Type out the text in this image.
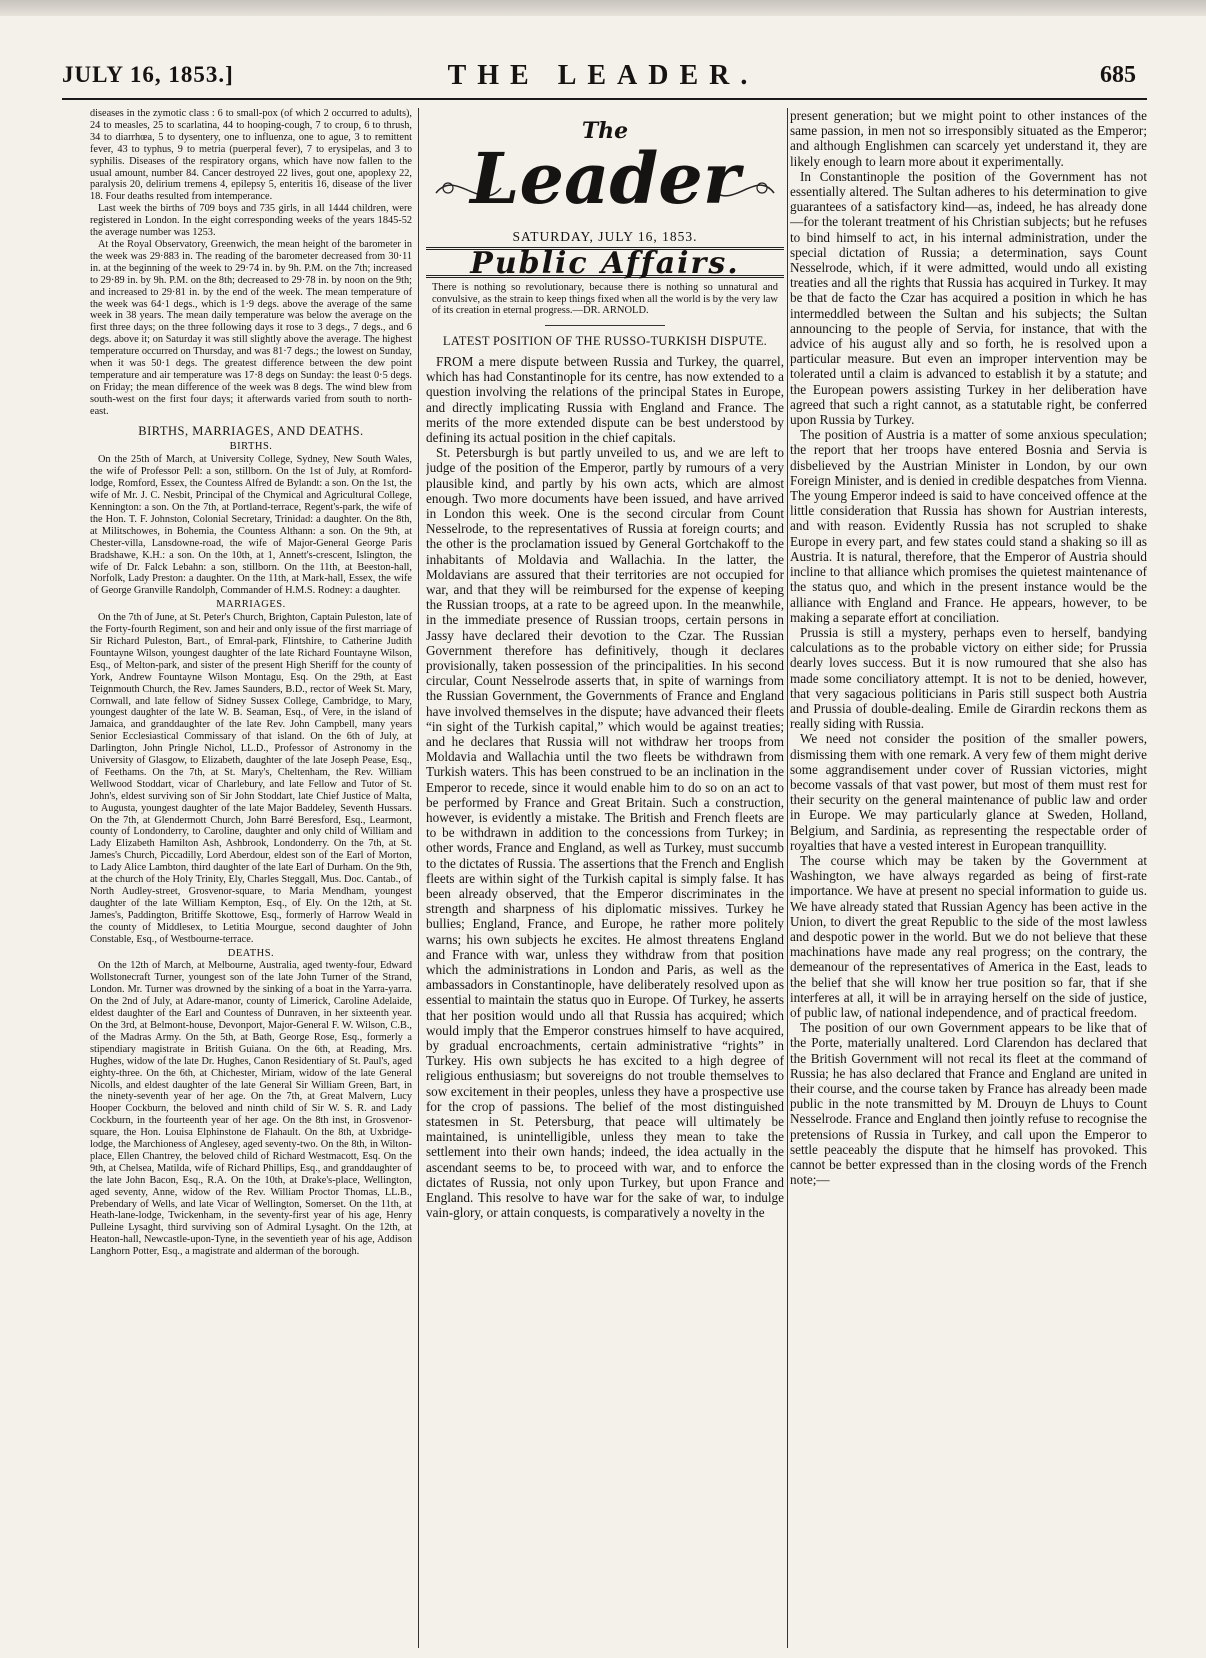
JULY 16, 1853.]	THE LEADER.	685

diseases in the zymotic class : 6 to small-pox (of which 2 occurred to adults), 24 to measles, 25 to scarlatina, 44 to hooping-cough, 7 to croup, 6 to thrush, 34 to diarrhœa, 5 to dysentery, one to influenza, one to ague, 3 to remittent fever, 43 to typhus, 9 to metria (puerperal fever), 7 to erysipelas, and 3 to syphilis. Diseases of the respiratory organs, which have now fallen to the usual amount, number 84. Cancer destroyed 22 lives, gout one, apoplexy 22, paralysis 20, delirium tremens 4, epilepsy 5, enteritis 16, disease of the liver 18. Four deaths resulted from intemperance.

Last week the births of 709 boys and 735 girls, in all 1444 children, were registered in London. In the eight corresponding weeks of the years 1845-52 the average number was 1253.

At the Royal Observatory, Greenwich, the mean height of the barometer in the week was 29·883 in. The reading of the barometer decreased from 30·11 in. at the beginning of the week to 29·74 in. by 9h. P.M. on the 7th; increased to 29·89 in. by 9h. P.M. on the 8th; decreased to 29·78 in. by noon on the 9th; and increased to 29·81 in. by the end of the week. The mean temperature of the week was 64·1 degs., which is 1·9 degs. above the average of the same week in 38 years. The mean daily temperature was below the average on the first three days; on the three following days it rose to 3 degs., 7 degs., and 6 degs. above it; on Saturday it was still slightly above the average. The highest temperature occurred on Thursday, and was 81·7 degs.; the lowest on Sunday, when it was 50·1 degs. The greatest difference between the dew point temperature and air temperature was 17·8 degs on Sunday: the least 0·5 degs. on Friday; the mean difference of the week was 8 degs. The wind blew from south-west on the first four days; it afterwards varied from south to north-east.

BIRTHS, MARRIAGES, AND DEATHS.
BIRTHS.

On the 25th of March, at University College, Sydney, New South Wales, the wife of Professor Pell: a son, stillborn. On the 1st of July, at Romford-lodge, Romford, Essex, the Countess Alfred de Bylandt: a son. On the 1st, the wife of Mr. J. C. Nesbit, Principal of the Chymical and Agricultural College, Kennington: a son. On the 7th, at Portland-terrace, Regent's-park, the wife of the Hon. T. F. Johnston, Colonial Secretary, Trinidad: a daughter. On the 8th, at Militschowes, in Bohemia, the Countess Althann: a son. On the 9th, at Chester-villa, Lansdowne-road, the wife of Major-General George Paris Bradshawe, K.H.: a son. On the 10th, at 1, Annett's-crescent, Islington, the wife of Dr. Falck Lebahn: a son, stillborn. On the 11th, at Beeston-hall, Norfolk, Lady Preston: a daughter. On the 11th, at Mark-hall, Essex, the wife of George Granville Randolph, Commander of H.M.S. Rodney: a daughter.

MARRIAGES.

On the 7th of June, at St. Peter's Church, Brighton, Captain Puleston, late of the Forty-fourth Regiment, son and heir and only issue of the first marriage of Sir Richard Puleston, Bart., of Emral-park, Flintshire, to Catherine Judith Fountayne Wilson, youngest daughter of the late Richard Fountayne Wilson, Esq., of Melton-park, and sister of the present High Sheriff for the county of York, Andrew Fountayne Wilson Montagu, Esq. On the 29th, at East Teignmouth Church, the Rev. James Saunders, B.D., rector of Week St. Mary, Cornwall, and late fellow of Sidney Sussex College, Cambridge, to Mary, youngest daughter of the late W. B. Seaman, Esq., of Vere, in the island of Jamaica, and granddaughter of the late Rev. John Campbell, many years Senior Ecclesiastical Commissary of that island. On the 6th of July, at Darlington, John Pringle Nichol, LL.D., Professor of Astronomy in the University of Glasgow, to Elizabeth, daughter of the late Joseph Pease, Esq., of Feethams. On the 7th, at St. Mary's, Cheltenham, the Rev. William Wellwood Stoddart, vicar of Charlebury, and late Fellow and Tutor of St. John's, eldest surviving son of Sir John Stoddart, late Chief Justice of Malta, to Augusta, youngest daughter of the late Major Baddeley, Seventh Hussars. On the 7th, at Glendermott Church, John Barré Beresford, Esq., Learmont, county of Londonderry, to Caroline, daughter and only child of William and Lady Elizabeth Hamilton Ash, Ashbrook, Londonderry. On the 7th, at St. James's Church, Piccadilly, Lord Aberdour, eldest son of the Earl of Morton, to Lady Alice Lambton, third daughter of the late Earl of Durham. On the 9th, at the church of the Holy Trinity, Ely, Charles Steggall, Mus. Doc. Cantab., of North Audley-street, Grosvenor-square, to Maria Mendham, youngest daughter of the late William Kempton, Esq., of Ely. On the 12th, at St. James's, Paddington, Britiffe Skottowe, Esq., formerly of Harrow Weald in the county of Middlesex, to Letitia Mourgue, second daughter of John Constable, Esq., of Westbourne-terrace.

DEATHS.

On the 12th of March, at Melbourne, Australia, aged twenty-four, Edward Wollstonecraft Turner, youngest son of the late John Turner of the Strand, London. Mr. Turner was drowned by the sinking of a boat in the Yarra-yarra. On the 2nd of July, at Adare-manor, county of Limerick, Caroline Adelaide, eldest daughter of the Earl and Countess of Dunraven, in her sixteenth year. On the 3rd, at Belmont-house, Devonport, Major-General F. W. Wilson, C.B., of the Madras Army. On the 5th, at Bath, George Rose, Esq., formerly a stipendiary magistrate in British Guiana. On the 6th, at Reading, Mrs. Hughes, widow of the late Dr. Hughes, Canon Residentiary of St. Paul's, aged eighty-three. On the 6th, at Chichester, Miriam, widow of the late General Nicolls, and eldest daughter of the late General Sir William Green, Bart, in the ninety-seventh year of her age. On the 7th, at Great Malvern, Lucy Hooper Cockburn, the beloved and ninth child of Sir W. S. R. and Lady Cockburn, in the fourteenth year of her age. On the 8th inst, in Grosvenor-square, the Hon. Louisa Elphinstone de Flahault. On the 8th, at Uxbridge-lodge, the Marchioness of Anglesey, aged seventy-two. On the 8th, in Wilton-place, Ellen Chantrey, the beloved child of Richard Westmacott, Esq. On the 9th, at Chelsea, Matilda, wife of Richard Phillips, Esq., and granddaughter of the late John Bacon, Esq., R.A. On the 10th, at Drake's-place, Wellington, aged seventy, Anne, widow of the Rev. William Proctor Thomas, LL.B., Prebendary of Wells, and late Vicar of Wellington, Somerset. On the 11th, at Heath-lane-lodge, Twickenham, in the seventy-first year of his age, Henry Pulleine Lysaght, third surviving son of Admiral Lysaght. On the 12th, at Heaton-hall, Newcastle-upon-Tyne, in the seventieth year of his age, Addison Langhorn Potter, Esq., a magistrate and alderman of the borough.

The
Leader
SATURDAY, JULY 16, 1853.
Public Affairs.
There is nothing so revolutionary, because there is nothing so unnatural and convulsive, as the strain to keep things fixed when all the world is by the very law of its creation in eternal progress.—DR. ARNOLD.
LATEST POSITION OF THE RUSSO-TURKISH DISPUTE.

FROM a mere dispute between Russia and Turkey, the quarrel, which has had Constantinople for its centre, has now extended to a question involving the relations of the principal States in Europe, and directly implicating Russia with England and France. The merits of the more extended dispute can be best understood by defining its actual position in the chief capitals.

St. Petersburgh is but partly unveiled to us, and we are left to judge of the position of the Emperor, partly by rumours of a very plausible kind, and partly by his own acts, which are almost enough. Two more documents have been issued, and have arrived in London this week. One is the second circular from Count Nesselrode, to the representatives of Russia at foreign courts; and the other is the proclamation issued by General Gortchakoff to the inhabitants of Moldavia and Wallachia. In the latter, the Moldavians are assured that their territories are not occupied for war, and that they will be reimbursed for the expense of keeping the Russian troops, at a rate to be agreed upon. In the meanwhile, in the immediate presence of Russian troops, certain persons in Jassy have declared their devotion to the Czar. The Russian Government therefore has definitively, though it declares provisionally, taken possession of the principalities. In his second circular, Count Nesselrode asserts that, in spite of warnings from the Russian Government, the Governments of France and England have involved themselves in the dispute; have advanced their fleets “in sight of the Turkish capital,” which would be against treaties; and he declares that Russia will not withdraw her troops from Moldavia and Wallachia until the two fleets be withdrawn from Turkish waters. This has been construed to be an inclination in the Emperor to recede, since it would enable him to do so on an act to be performed by France and Great Britain. Such a construction, however, is evidently a mistake. The British and French fleets are to be withdrawn in addition to the concessions from Turkey; in other words, France and England, as well as Turkey, must succumb to the dictates of Russia. The assertions that the French and English fleets are within sight of the Turkish capital is simply false. It has been already observed, that the Emperor discriminates in the strength and sharpness of his diplomatic missives. Turkey he bullies; England, France, and Europe, he rather more politely warns; his own subjects he excites. He almost threatens England and France with war, unless they withdraw from that position which the administrations in London and Paris, as well as the ambassadors in Constantinople, have deliberately resolved upon as essential to maintain the status quo in Europe. Of Turkey, he asserts that her position would undo all that Russia has acquired; which would imply that the Emperor construes himself to have acquired, by gradual encroachments, certain administrative “rights” in Turkey. His own subjects he has excited to a high degree of religious enthusiasm; but sovereigns do not trouble themselves to sow excitement in their peoples, unless they have a prospective use for the crop of passions. The belief of the most distinguished statesmen in St. Petersburg, that peace will ultimately be maintained, is unintelligible, unless they mean to take the settlement into their own hands; indeed, the idea actually in the ascendant seems to be, to proceed with war, and to enforce the dictates of Russia, not only upon Turkey, but upon France and England. This resolve to have war for the sake of war, to indulge vain-glory, or attain conquests, is comparatively a novelty in the

present generation; but we might point to other instances of the same passion, in men not so irresponsibly situated as the Emperor; and although Englishmen can scarcely yet understand it, they are likely enough to learn more about it experimentally.

In Constantinople the position of the Government has not essentially altered. The Sultan adheres to his determination to give guarantees of a satisfactory kind—as, indeed, he has already done—for the tolerant treatment of his Christian subjects; but he refuses to bind himself to act, in his internal administration, under the special dictation of Russia; a determination, says Count Nesselrode, which, if it were admitted, would undo all existing treaties and all the rights that Russia has acquired in Turkey. It may be that de facto the Czar has acquired a position in which he has intermeddled between the Sultan and his subjects; the Sultan announcing to the people of Servia, for instance, that with the advice of his august ally and so forth, he is resolved upon a particular measure. But even an improper intervention may be tolerated until a claim is advanced to establish it by a statute; and the European powers assisting Turkey in her deliberation have agreed that such a right cannot, as a statutable right, be conferred upon Russia by Turkey.

The position of Austria is a matter of some anxious speculation; the report that her troops have entered Bosnia and Servia is disbelieved by the Austrian Minister in London, by our own Foreign Minister, and is denied in credible despatches from Vienna. The young Emperor indeed is said to have conceived offence at the little consideration that Russia has shown for Austrian interests, and with reason. Evidently Russia has not scrupled to shake Europe in every part, and few states could stand a shaking so ill as Austria. It is natural, therefore, that the Emperor of Austria should incline to that alliance which promises the quietest maintenance of the status quo, and which in the present instance would be the alliance with England and France. He appears, however, to be making a separate effort at conciliation.

Prussia is still a mystery, perhaps even to herself, bandying calculations as to the probable victory on either side; for Prussia dearly loves success. But it is now rumoured that she also has made some conciliatory attempt. It is not to be denied, however, that very sagacious politicians in Paris still suspect both Austria and Prussia of double-dealing. Emile de Girardin reckons them as really siding with Russia.

We need not consider the position of the smaller powers, dismissing them with one remark. A very few of them might derive some aggrandisement under cover of Russian victories, might become vassals of that vast power, but most of them must rest for their security on the general maintenance of public law and order in Europe. We may particularly glance at Sweden, Holland, Belgium, and Sardinia, as representing the respectable order of royalties that have a vested interest in European tranquillity.

The course which may be taken by the Government at Washington, we have always regarded as being of first-rate importance. We have at present no special information to guide us. We have already stated that Russian Agency has been active in the Union, to divert the great Republic to the side of the most lawless and despotic power in the world. But we do not believe that these machinations have made any real progress; on the contrary, the demeanour of the representatives of America in the East, leads to the belief that she will know her true position so far, that if she interferes at all, it will be in arraying herself on the side of justice, of public law, of national independence, and of practical freedom.

The position of our own Government appears to be like that of the Porte, materially unaltered. Lord Clarendon has declared that the British Government will not recal its fleet at the command of Russia; he has also declared that France and England are united in their course, and the course taken by France has already been made public in the note transmitted by M. Drouyn de Lhuys to Count Nesselrode. France and England then jointly refuse to recognise the pretensions of Russia in Turkey, and call upon the Emperor to settle peaceably the dispute that he himself has provoked. This cannot be better expressed than in the closing words of the French note;—
